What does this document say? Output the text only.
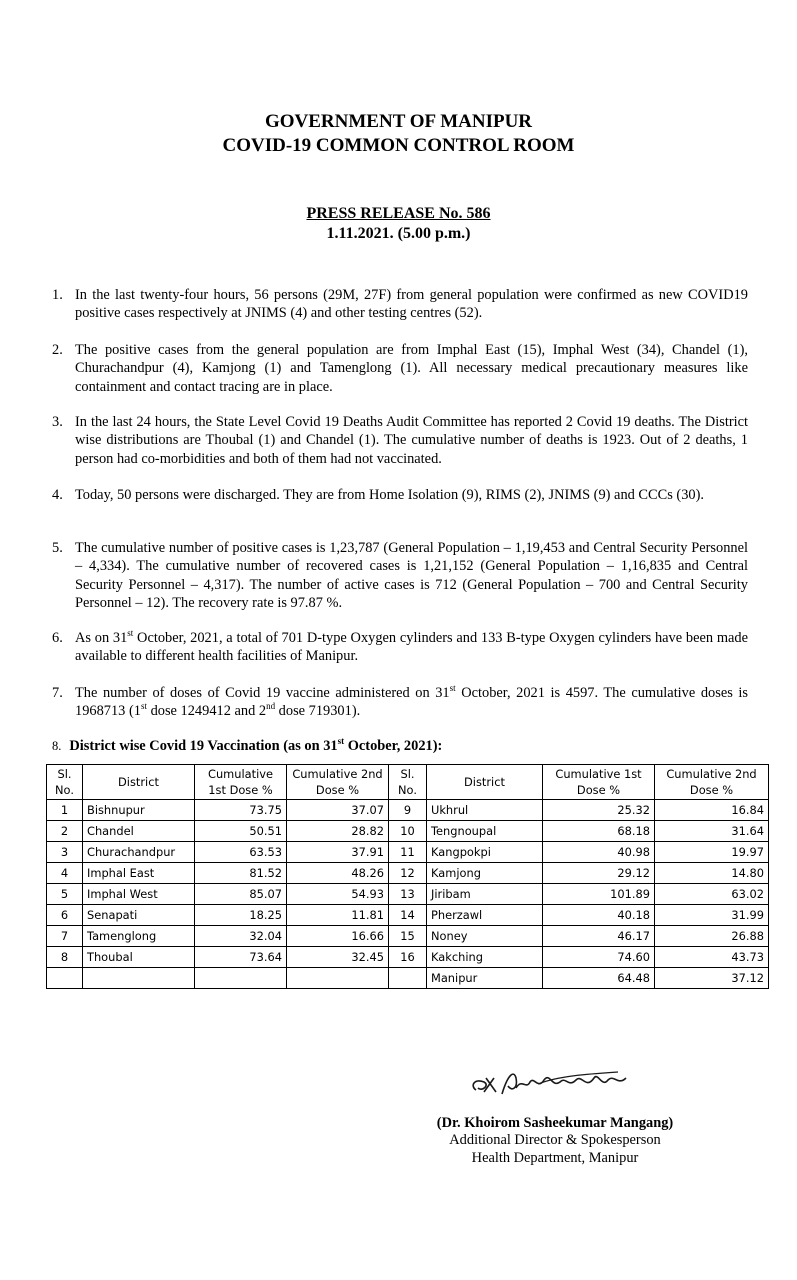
GOVERNMENT OF MANIPUR
COVID-19 COMMON CONTROL ROOM
PRESS RELEASE No. 586
1.11.2021. (5.00 p.m.)
1. In the last twenty-four hours, 56 persons (29M, 27F) from general population were confirmed as new COVID19 positive cases respectively at JNIMS (4) and other testing centres (52).
2. The positive cases from the general population are from Imphal East (15), Imphal West (34), Chandel (1), Churachandpur (4), Kamjong (1) and Tamenglong (1). All necessary medical precautionary measures like containment and contact tracing are in place.
3. In the last 24 hours, the State Level Covid 19 Deaths Audit Committee has reported 2 Covid 19 deaths. The District wise distributions are Thoubal (1) and Chandel (1). The cumulative number of deaths is 1923. Out of 2 deaths, 1 person had co-morbidities and both of them had not vaccinated.
4. Today, 50 persons were discharged. They are from Home Isolation (9), RIMS (2), JNIMS (9) and CCCs (30).
5. The cumulative number of positive cases is 1,23,787 (General Population – 1,19,453 and Central Security Personnel – 4,334). The cumulative number of recovered cases is 1,21,152 (General Population – 1,16,835 and Central Security Personnel – 4,317). The number of active cases is 712 (General Population – 700 and Central Security Personnel – 12). The recovery rate is 97.87 %.
6. As on 31st October, 2021, a total of 701 D-type Oxygen cylinders and 133 B-type Oxygen cylinders have been made available to different health facilities of Manipur.
7. The number of doses of Covid 19 vaccine administered on 31st October, 2021 is 4597. The cumulative doses is 1968713 (1st dose 1249412 and 2nd dose 719301).
8. District wise Covid 19 Vaccination (as on 31st October, 2021):
Sl. No.	District	Cumulative 1st Dose %	Cumulative 2nd Dose %	Sl. No.	District	Cumulative 1st Dose %	Cumulative 2nd Dose %
1	Bishnupur	73.75	37.07	9	Ukhrul	25.32	16.84
2	Chandel	50.51	28.82	10	Tengnoupal	68.18	31.64
3	Churachandpur	63.53	37.91	11	Kangpokpi	40.98	19.97
4	Imphal East	81.52	48.26	12	Kamjong	29.12	14.80
5	Imphal West	85.07	54.93	13	Jiribam	101.89	63.02
6	Senapati	18.25	11.81	14	Pherzawl	40.18	31.99
7	Tamenglong	32.04	16.66	15	Noney	46.17	26.88
8	Thoubal	73.64	32.45	16	Kakching	74.60	43.73
					Manipur	64.48	37.12
(Dr. Khoirom Sasheekumar Mangang)
Additional Director & Spokesperson
Health Department, Manipur
